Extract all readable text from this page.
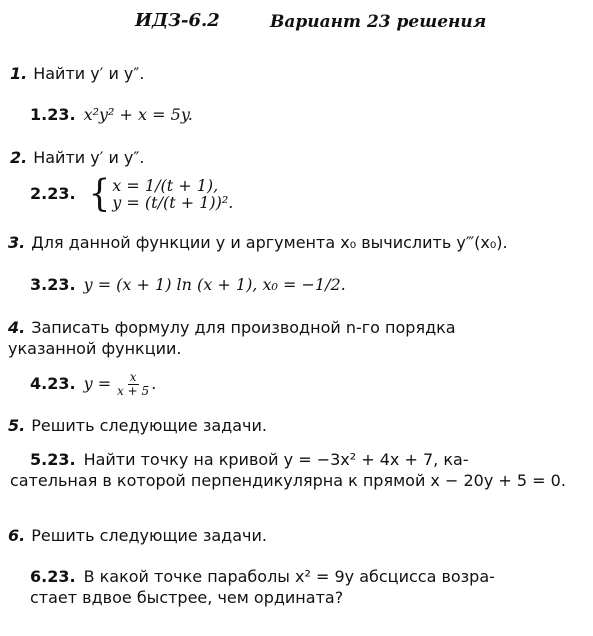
ИДЗ-6.2	Вариант 23 решения
1. Найти y′ и y″.
1.23. x²y² + x = 5y.
2. Найти y′ и y″.
2.23. { x = 1/(t + 1),
y = (t/(t + 1))².
3. Для данной функции y и аргумента x₀ вычислить y‴(x₀).
3.23. y = (x + 1) ln (x + 1), x₀ = −1/2.
4. Записать формулу для производной n-го порядка
указанной функции.
4.23. $y = \frac{x}{x + 5}$ .
5. Решить следующие задачи.
5.23. Найти точку на кривой y = −3x² + 4x + 7, ка-
сательная в которой перпендикулярна к прямой x − 20y + 5 = 0.
6. Решить следующие задачи.
6.23. В какой точке параболы x² = 9y абсцисса возра-
стает вдвое быстрее, чем ордината?
